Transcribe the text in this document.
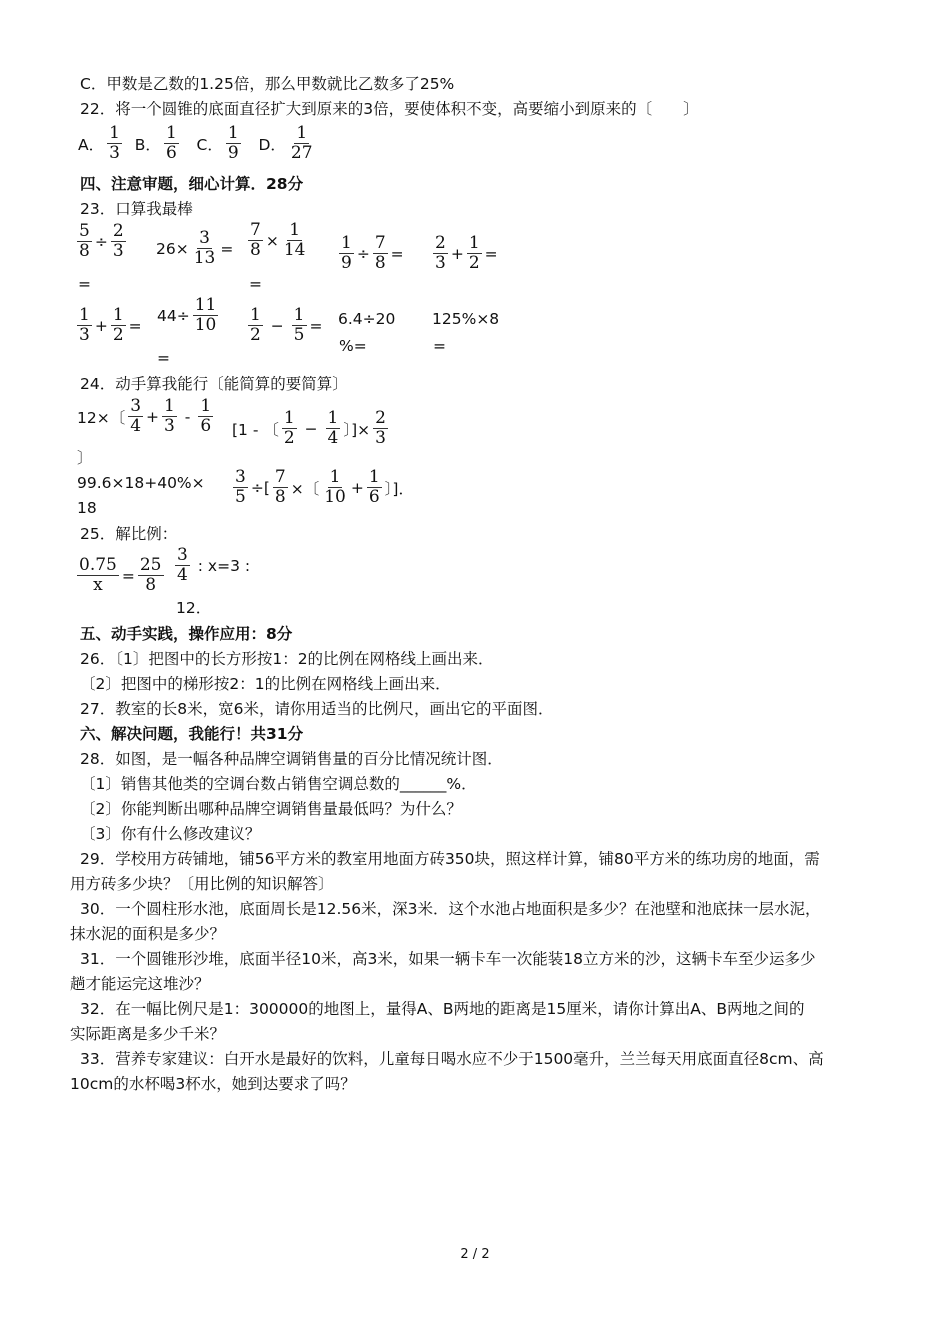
C．甲数是乙数的1.25倍，那么甲数就比乙数多了25%
22．将一个圆锥的底面直径扩大到原来的3倍，要使体积不变，高要缩小到原来的〔　　〕
A． $\frac{1}{3}$ B． $\frac{1}{6}$ C． $\frac{1}{9}$ D． $\frac{1}{27}$
四、注意审题，细心计算．28分
23．口算我最棒
$\frac{5}{8} \div \frac{2}{3} 26\times \frac{3}{13} = \frac{7}{8} \times \frac{1}{14} \frac{1}{9} \div \frac{7}{8} = \frac{2}{3} + \frac{1}{2}$ =
=	=
$\frac{1}{3} + \frac{1}{2}$ =
$44\div \frac{11}{10} \frac{1}{2} - \frac{1}{5} = 6.4\div 20$ 125%×8
%=	=
=
24．动手算我能行〔能简算的要简算〕
12×〔 $\frac{3}{4} + \frac{1}{3} - \frac{1}{6} [1$ - 〔 $\frac{1}{2} - \frac{1}{4}$ 〕]× $\frac{2}{3}$
〕
99.6×18+40%×
18
$\frac{3}{5}$ ÷[ $\frac{7}{8}$ ×〔 $\frac{1}{10} + \frac{1}{6}$ 〕]．
25．解比例：
$\frac{0.75}{x} = \frac{25}{8} \frac{3}{4}$ : x=3 :
12．
五、动手实践，操作应用：8分
26．〔1〕把图中的长方形按1：2的比例在网格线上画出来．
〔2〕把图中的梯形按2：1的比例在网格线上画出来．
27．教室的长8米，宽6米，请你用适当的比例尺，画出它的平面图．
六、解决问题，我能行！共31分
28．如图，是一幅各种品牌空调销售量的百分比情况统计图．
〔1〕销售其他类的空调台数占销售空调总数的______%．
〔2〕你能判断出哪种品牌空调销售量最低吗？为什么？
〔3〕你有什么修改建议？
29．学校用方砖铺地，铺56平方米的教室用地面方砖350块，照这样计算，铺80平方米的练功房的地面，需
用方砖多少块？〔用比例的知识解答〕
30．一个圆柱形水池，底面周长是12.56米，深3米．这个水池占地面积是多少？在池壁和池底抹一层水泥，
抹水泥的面积是多少？
31．一个圆锥形沙堆，底面半径10米，高3米，如果一辆卡车一次能装18立方米的沙，这辆卡车至少运多少
趟才能运完这堆沙？
32．在一幅比例尺是1：300000的地图上，量得A、B两地的距离是15厘米，请你计算出A、B两地之间的
实际距离是多少千米？
33．营养专家建议：白开水是最好的饮料，儿童每日喝水应不少于1500毫升，兰兰每天用底面直径8cm、高
10cm的水杯喝3杯水，她到达要求了吗？
2 / 2
